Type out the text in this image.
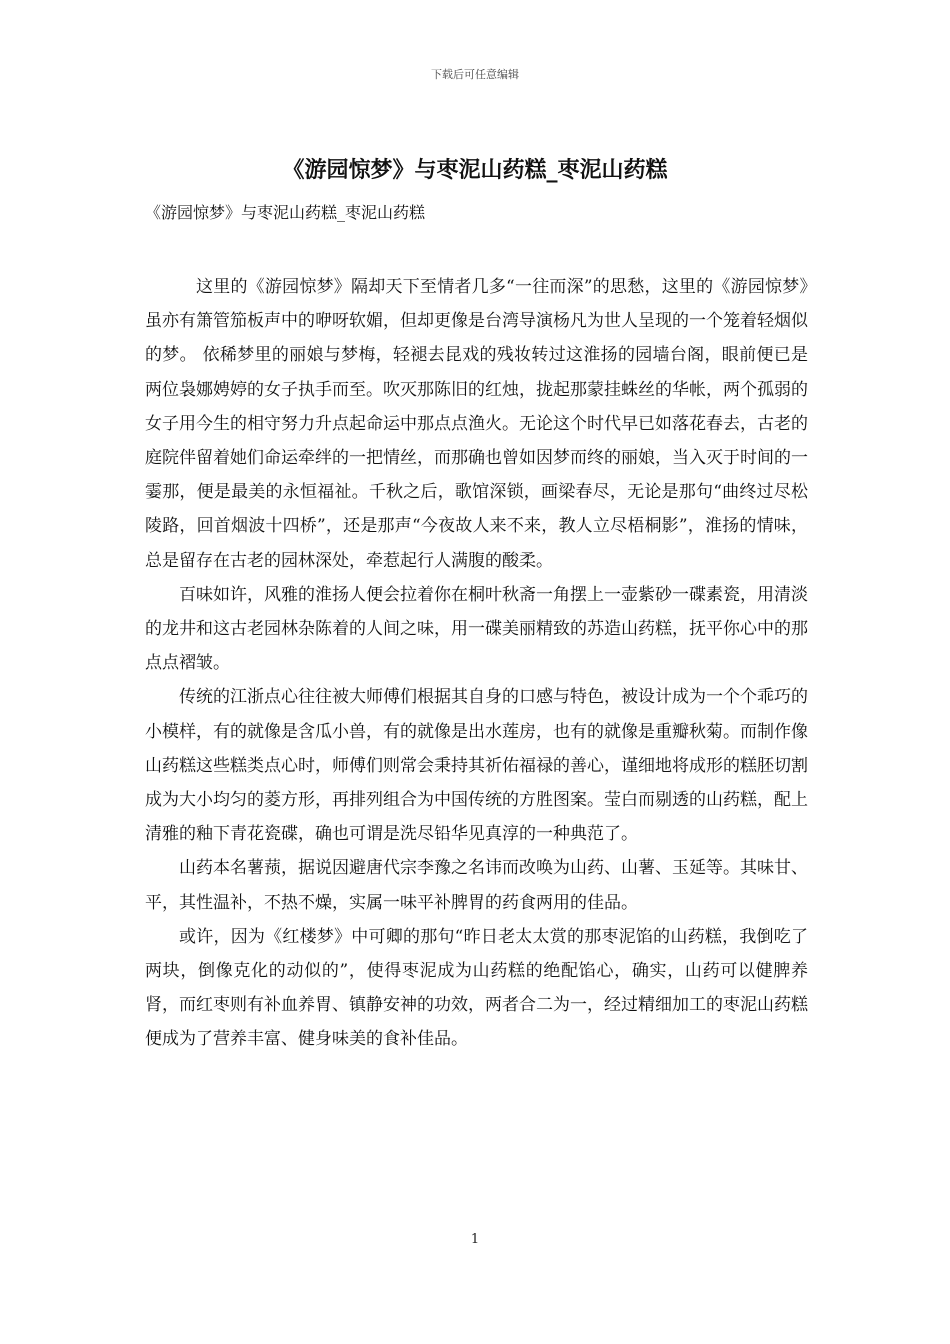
下载后可任意编辑
《游园惊梦》与枣泥山药糕_枣泥山药糕

《游园惊梦》与枣泥山药糕_枣泥山药糕

这里的《游园惊梦》隔却天下至情者几多“一往而深”的思愁，这里的《游园惊梦》虽亦有箫管笳板声中的咿呀软媚，但却更像是台湾导演杨凡为世人呈现的一个笼着轻烟似的梦。 依稀梦里的丽娘与梦梅，轻褪去昆戏的残妆转过这淮扬的园墙台阁，眼前便已是两位袅娜娉婷的女子执手而至。吹灭那陈旧的红烛，拢起那蒙挂蛛丝的华帐，两个孤弱的女子用今生的相守努力升点起命运中那点点渔火。无论这个时代早已如落花春去，古老的庭院伴留着她们命运牵绊的一把情丝，而那确也曾如因梦而终的丽娘，当入灭于时间的一霎那，便是最美的永恒福祉。千秋之后，歌馆深锁，画梁春尽，无论是那句“曲终过尽松陵路，回首烟波十四桥”，还是那声“今夜故人来不来，教人立尽梧桐影”，淮扬的情味，总是留存在古老的园林深处，牵惹起行人满腹的酸柔。

百味如许，风雅的淮扬人便会拉着你在桐叶秋斋一角摆上一壶紫砂一碟素瓷，用清淡的龙井和这古老园林杂陈着的人间之味，用一碟美丽精致的苏造山药糕，抚平你心中的那点点褶皱。

传统的江浙点心往往被大师傅们根据其自身的口感与特色，被设计成为一个个乖巧的小模样，有的就像是含瓜小兽，有的就像是出水莲房，也有的就像是重瓣秋菊。而制作像山药糕这些糕类点心时，师傅们则常会秉持其祈佑福禄的善心，谨细地将成形的糕胚切割成为大小均匀的菱方形，再排列组合为中国传统的方胜图案。莹白而剔透的山药糕，配上清雅的釉下青花瓷碟，确也可谓是洗尽铅华见真淳的一种典范了。

山药本名薯蓣，据说因避唐代宗李豫之名讳而改唤为山药、山薯、玉延等。其味甘、平，其性温补，不热不燥，实属一味平补脾胃的药食两用的佳品。

或许，因为《红楼梦》中可卿的那句“昨日老太太赏的那枣泥馅的山药糕，我倒吃了两块，倒像克化的动似的”，使得枣泥成为山药糕的绝配馅心，确实，山药可以健脾养肾，而红枣则有补血养胃、镇静安神的功效，两者合二为一，经过精细加工的枣泥山药糕便成为了营养丰富、健身味美的食补佳品。

1
